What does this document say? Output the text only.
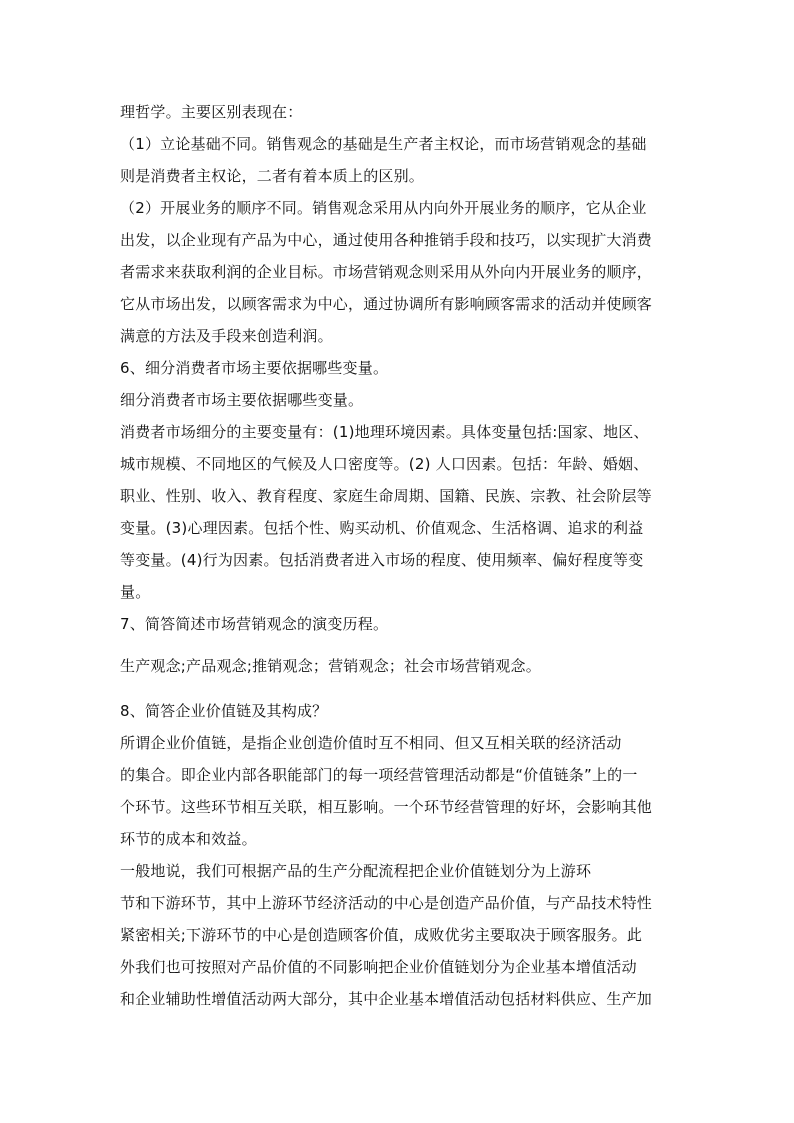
理哲学。主要区别表现在：
（1）立论基础不同。销售观念的基础是生产者主权论，而市场营销观念的基础
则是消费者主权论，二者有着本质上的区别。
（2）开展业务的顺序不同。销售观念采用从内向外开展业务的顺序，它从企业
出发，以企业现有产品为中心，通过使用各种推销手段和技巧，以实现扩大消费
者需求来获取利润的企业目标。市场营销观念则采用从外向内开展业务的顺序，
它从市场出发，以顾客需求为中心，通过协调所有影响顾客需求的活动并使顾客
满意的方法及手段来创造利润。
6、细分消费者市场主要依据哪些变量。
细分消费者市场主要依据哪些变量。
消费者市场细分的主要变量有：(1)地理环境因素。具体变量包括:国家、地区、
城市规模、不同地区的气候及人口密度等。(2) 人口因素。包括：年龄、婚姻、
职业、性别、收入、教育程度、家庭生命周期、国籍、民族、宗教、社会阶层等
变量。(3)心理因素。包括个性、购买动机、价值观念、生活格调、追求的利益
等变量。(4)行为因素。包括消费者进入市场的程度、使用频率、偏好程度等变
量。
7、简答简述市场营销观念的演变历程。
生产观念;产品观念;推销观念；营销观念；社会市场营销观念。
8、简答企业价值链及其构成？
所谓企业价值链，是指企业创造价值时互不相同、但又互相关联的经济活动
的集合。即企业内部各职能部门的每一项经营管理活动都是“价值链条”上的一
个环节。这些环节相互关联，相互影响。一个环节经营管理的好坏，会影响其他
环节的成本和效益。
一般地说，我们可根据产品的生产分配流程把企业价值链划分为上游环
节和下游环节，其中上游环节经济活动的中心是创造产品价值，与产品技术特性
紧密相关;下游环节的中心是创造顾客价值，成败优劣主要取决于顾客服务。此
外我们也可按照对产品价值的不同影响把企业价值链划分为企业基本增值活动
和企业辅助性增值活动两大部分，其中企业基本增值活动包括材料供应、生产加
